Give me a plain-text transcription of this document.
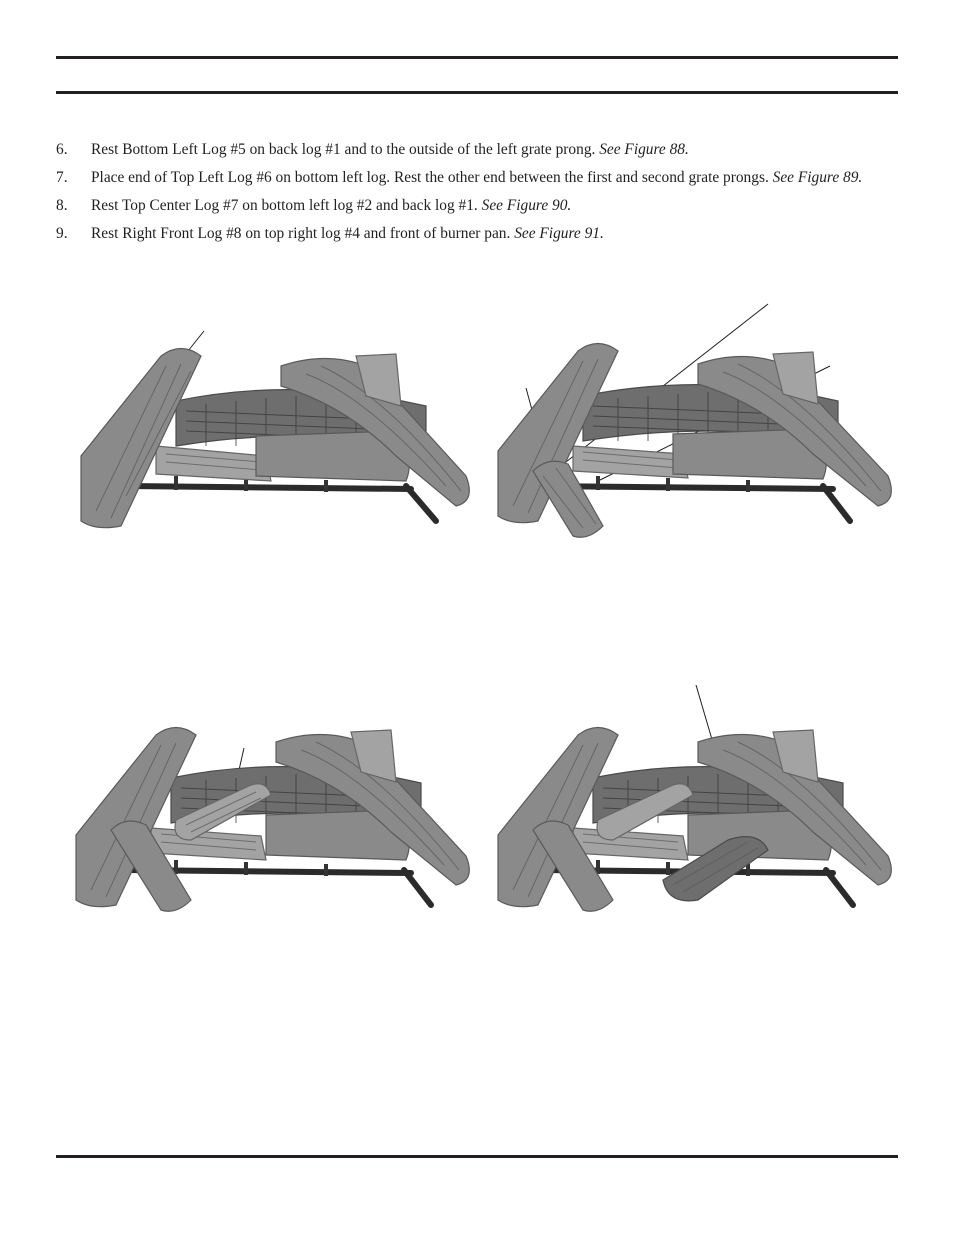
6. Rest Bottom Left Log #5 on back log #1 and to the outside of the left grate prong. See Figure 88.
7. Place end of Top Left Log #6 on bottom left log. Rest the other end between the first and second grate prongs. See Figure 89.
8. Rest Top Center Log #7 on bottom left log #2 and back log #1. See Figure 90.
9. Rest Right Front Log #8 on top right log #4 and front of burner pan. See Figure 91.
